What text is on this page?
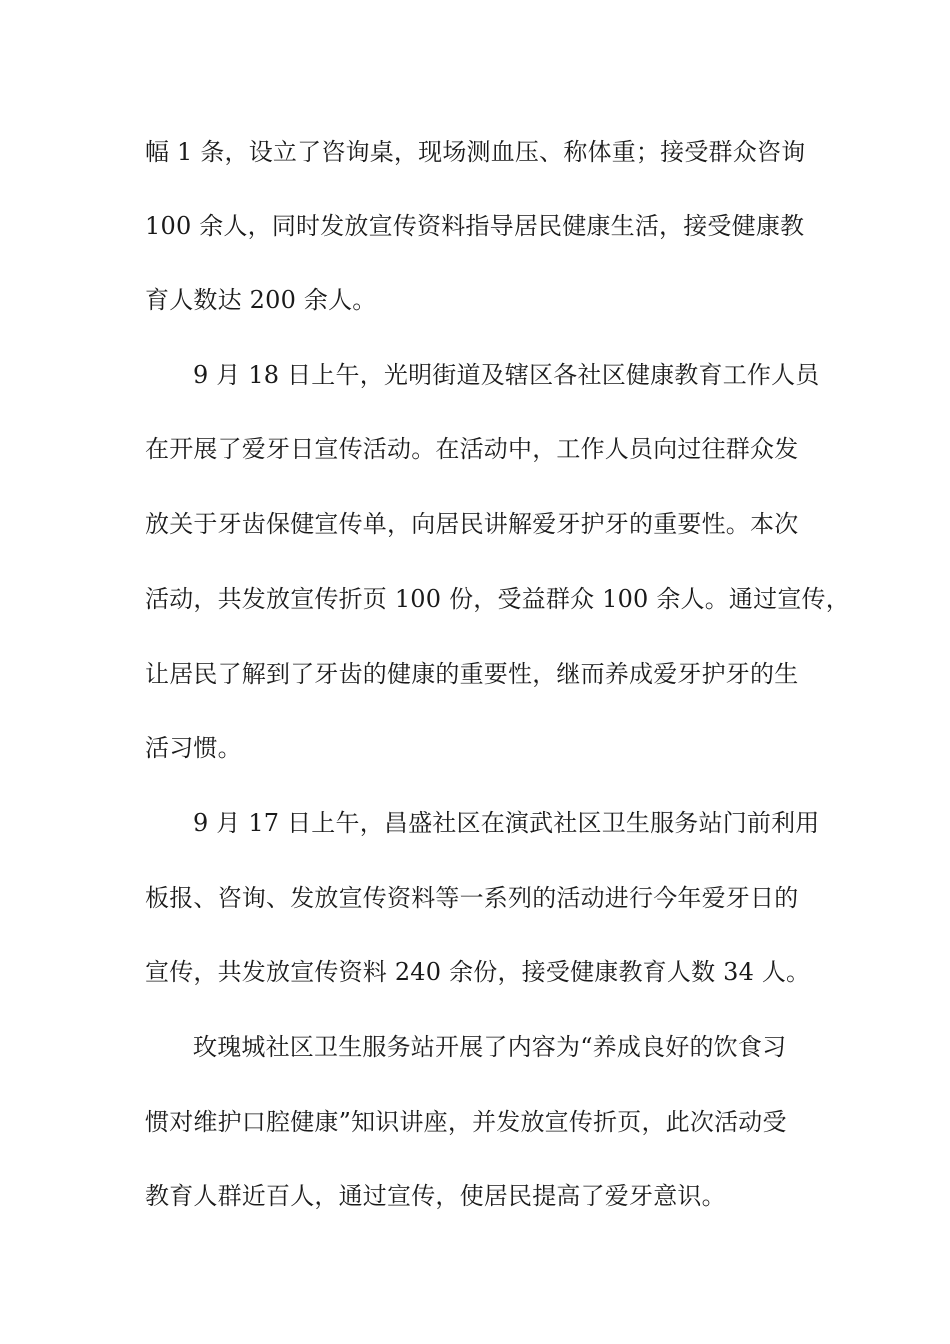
幅 1 条，设立了咨询桌，现场测血压、称体重；接受群众咨询
100 余人，同时发放宣传资料指导居民健康生活，接受健康教
育人数达 200 余人。
9 月 18 日上午，光明街道及辖区各社区健康教育工作人员
在开展了爱牙日宣传活动。在活动中，工作人员向过往群众发
放关于牙齿保健宣传单，向居民讲解爱牙护牙的重要性。本次
活动，共发放宣传折页 100 份，受益群众 100 余人。通过宣传，
让居民了解到了牙齿的健康的重要性，继而养成爱牙护牙的生
活习惯。
9 月 17 日上午，昌盛社区在演武社区卫生服务站门前利用
板报、咨询、发放宣传资料等一系列的活动进行今年爱牙日的
宣传，共发放宣传资料 240 余份，接受健康教育人数 34 人。
玫瑰城社区卫生服务站开展了内容为“养成良好的饮食习
惯对维护口腔健康”知识讲座，并发放宣传折页，此次活动受
教育人群近百人，通过宣传，使居民提高了爱牙意识。
